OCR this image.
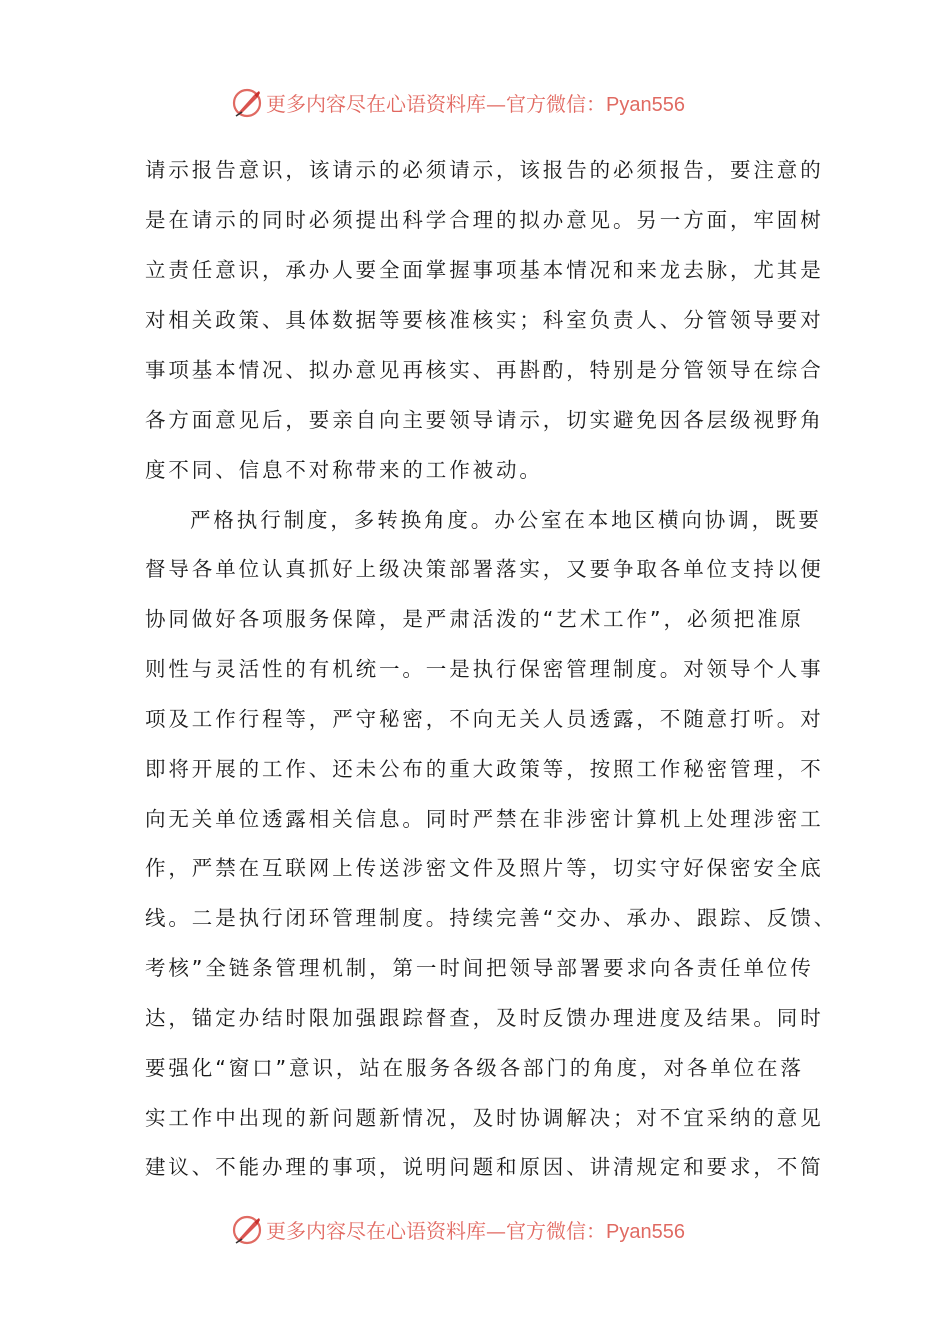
更多内容尽在心语资料库—官方微信：Pyan556
请示报告意识，该请示的必须请示，该报告的必须报告，要注意的
是在请示的同时必须提出科学合理的拟办意见。另一方面，牢固树
立责任意识，承办人要全面掌握事项基本情况和来龙去脉，尤其是
对相关政策、具体数据等要核准核实；科室负责人、分管领导要对
事项基本情况、拟办意见再核实、再斟酌，特别是分管领导在综合
各方面意见后，要亲自向主要领导请示，切实避免因各层级视野角
度不同、信息不对称带来的工作被动。
严格执行制度，多转换角度。办公室在本地区横向协调，既要
督导各单位认真抓好上级决策部署落实，又要争取各单位支持以便
协同做好各项服务保障，是严肃活泼的“艺术工作”，必须把准原
则性与灵活性的有机统一。一是执行保密管理制度。对领导个人事
项及工作行程等，严守秘密，不向无关人员透露，不随意打听。对
即将开展的工作、还未公布的重大政策等，按照工作秘密管理，不
向无关单位透露相关信息。同时严禁在非涉密计算机上处理涉密工
作，严禁在互联网上传送涉密文件及照片等，切实守好保密安全底
线。二是执行闭环管理制度。持续完善“交办、承办、跟踪、反馈、
考核”全链条管理机制，第一时间把领导部署要求向各责任单位传
达，锚定办结时限加强跟踪督查，及时反馈办理进度及结果。同时
要强化“窗口”意识，站在服务各级各部门的角度，对各单位在落
实工作中出现的新问题新情况，及时协调解决；对不宜采纳的意见
建议、不能办理的事项，说明问题和原因、讲清规定和要求，不简
更多内容尽在心语资料库—官方微信：Pyan556
